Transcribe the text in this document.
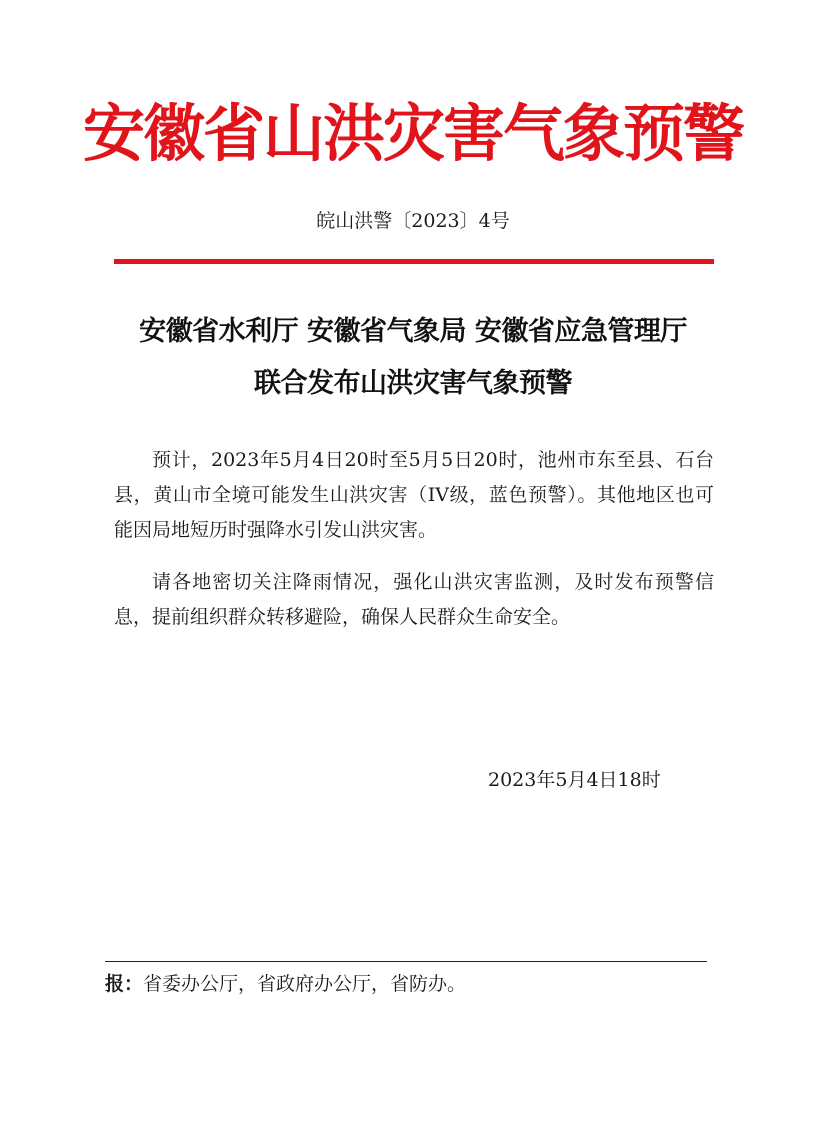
安徽省山洪灾害气象预警
皖山洪警〔2023〕4号
安徽省水利厅 安徽省气象局 安徽省应急管理厅
联合发布山洪灾害气象预警

预计，2023年5月4日20时至5月5日20时，池州市东至县、石台县，黄山市全境可能发生山洪灾害（IV级，蓝色预警）。其他地区也可能因局地短历时强降水引发山洪灾害。

请各地密切关注降雨情况，强化山洪灾害监测，及时发布预警信息，提前组织群众转移避险，确保人民群众生命安全。

2023年5月4日18时
报：省委办公厅，省政府办公厅，省防办。
